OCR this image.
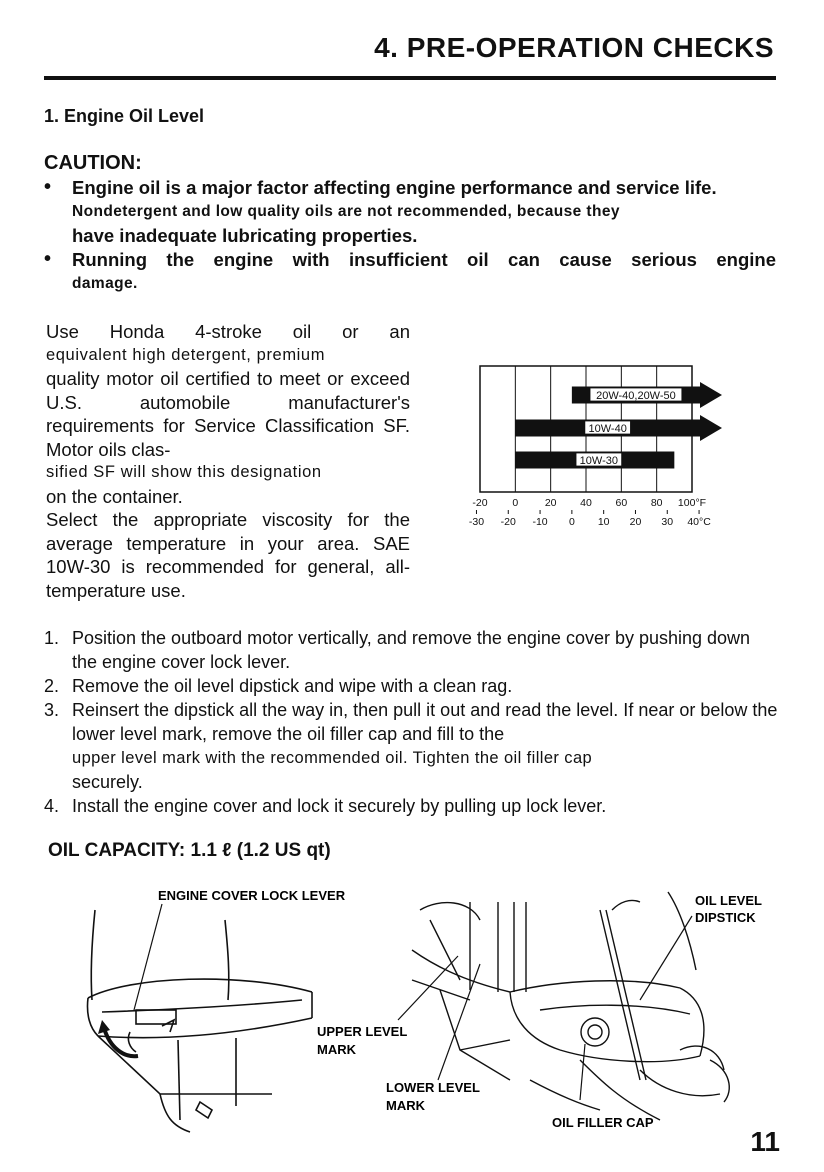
4. PRE-OPERATION CHECKS
1. Engine Oil Level
CAUTION:
• Engine oil is a major factor affecting engine performance and service life.
Nondetergent and low quality oils are not recommended, because they
have inadequate lubricating properties.
• Running the engine with insufficient oil can cause serious engine
damage.
Use Honda 4-stroke oil or an
equivalent high detergent, premium
quality motor oil certified to meet or exceed U.S. automobile manufacturer's requirements for Service Classification SF. Motor oils clas-
sified SF will show this designation
on the container.
Select the appropriate viscosity for the average temperature in your area. SAE 10W-30 is recommended for general, all-temperature use.
20W-40,20W-50
10W-40
10W-30
-20 0	20 40 60 80 100°F
-30 -20 -10 0 10 20 30 40°C
1. Position the outboard motor vertically, and remove the engine cover by pushing down the engine cover lock lever.
2. Remove the oil level dipstick and wipe with a clean rag.
3. Reinsert the dipstick all the way in, then pull it out and read the level. If near or below the lower level mark, remove the oil filler cap and fill to the
upper level mark with the recommended oil. Tighten the oil filler cap
securely.
4. Install the engine cover and lock it securely by pulling up lock lever.
OIL CAPACITY: 1.1 ℓ (1.2 US qt)
ENGINE COVER LOCK LEVER
UPPER LEVEL
MARK
LOWER LEVEL
MARK
OIL LEVEL
DIPSTICK
OIL FILLER CAP
11
